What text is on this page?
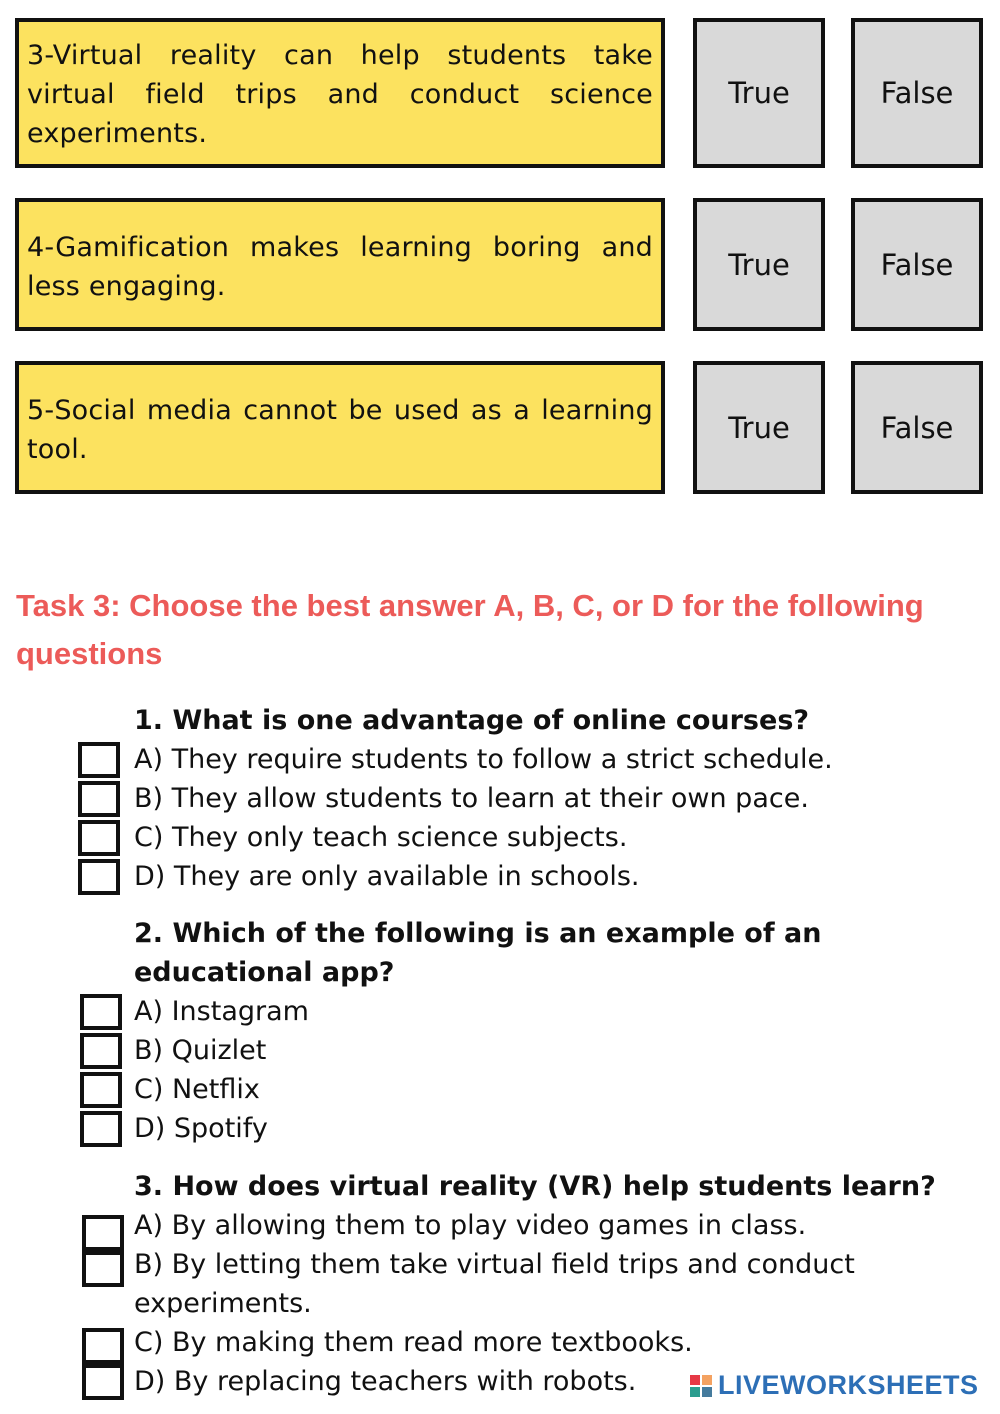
3-Virtual reality can help students take virtual field trips and conduct science experiments.
True	False
4-Gamification makes learning boring and less engaging.
True	False
5-Social media cannot be used as a learning tool.
True	False
Task 3: Choose the best answer A, B, C, or D for the following questions
1. What is one advantage of online courses?
A) They require students to follow a strict schedule.
B) They allow students to learn at their own pace.
C) They only teach science subjects.
D) They are only available in schools.
2. Which of the following is an example of an educational app?
A) Instagram
B) Quizlet
C) Netflix
D) Spotify
3. How does virtual reality (VR) help students learn?
A) By allowing them to play video games in class.
B) By letting them take virtual field trips and conduct experiments.
C) By making them read more textbooks.
D) By replacing teachers with robots.	LIVEWORKSHEETS
